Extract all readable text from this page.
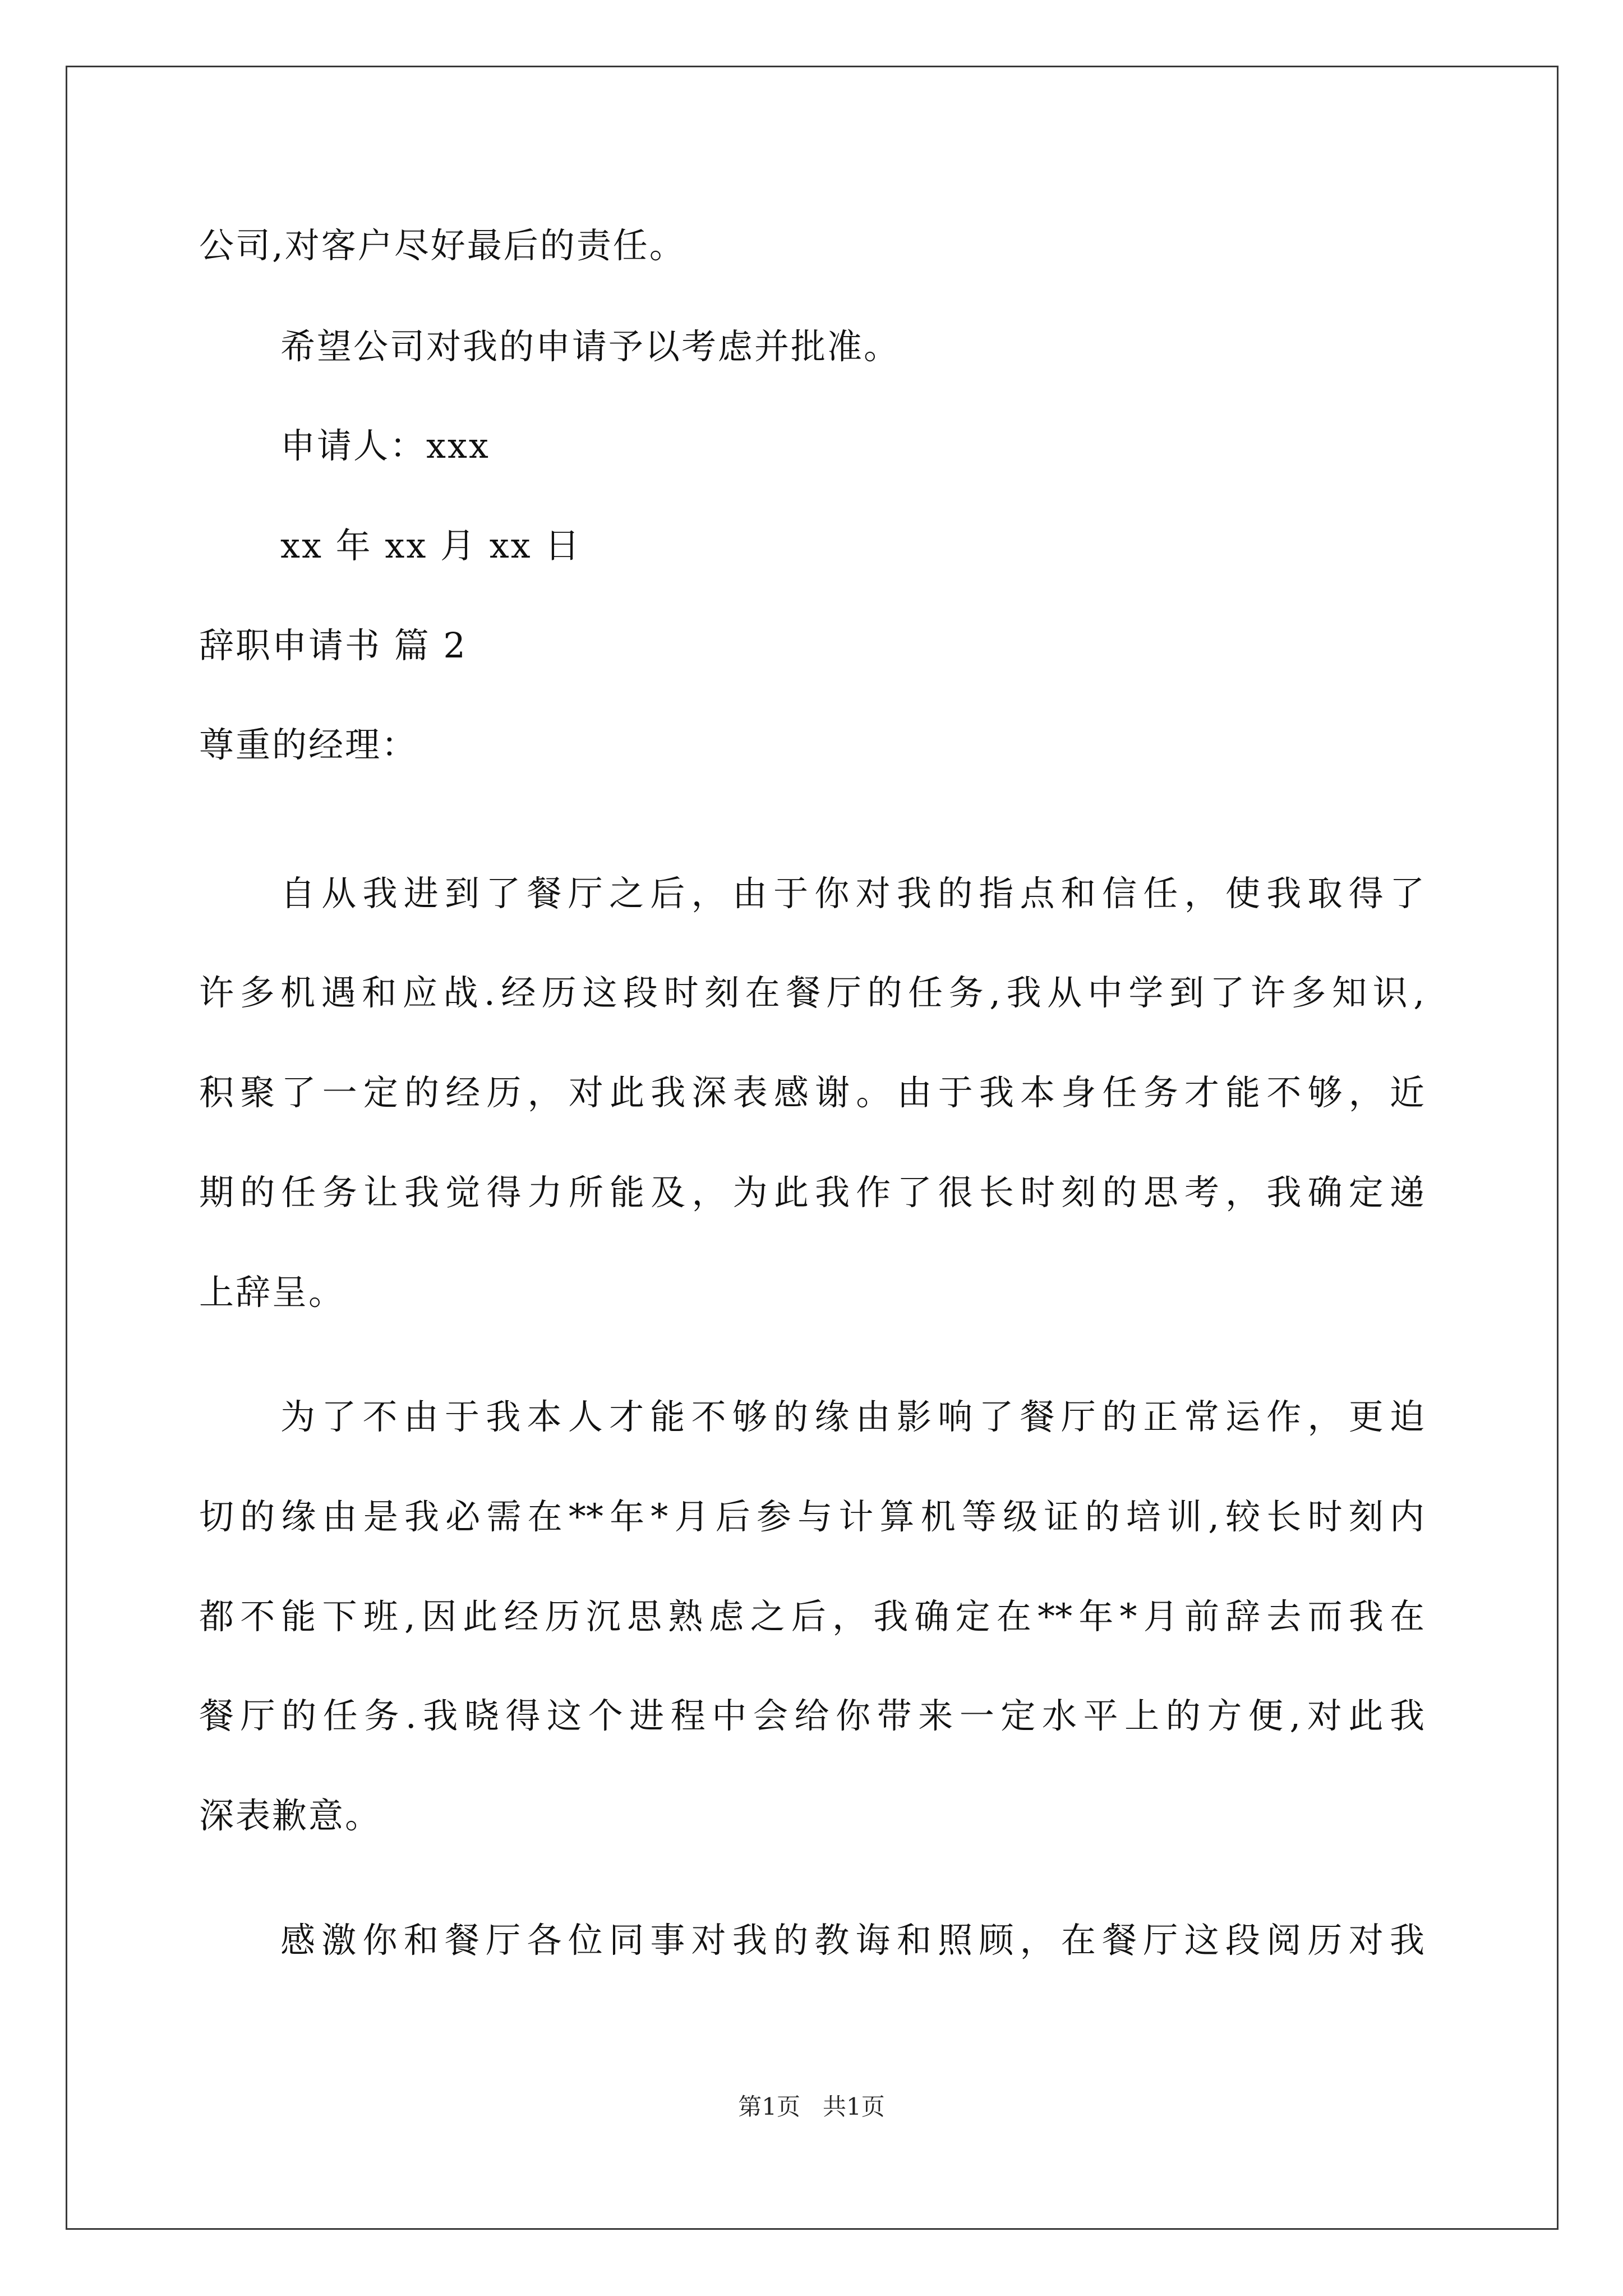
公司,对客户尽好最后的责任。
希望公司对我的申请予以考虑并批准。
申请人：xxx
xx 年 xx 月 xx 日
辞职申请书 篇 2
尊重的经理：
自从我进到了餐厅之后，由于你对我的指点和信任，使我取得了
许多机遇和应战.经历这段时刻在餐厅的任务,我从中学到了许多知识,
积聚了一定的经历，对此我深表感谢。由于我本身任务才能不够，近
期的任务让我觉得力所能及，为此我作了很长时刻的思考，我确定递
上辞呈。
为了不由于我本人才能不够的缘由影响了餐厅的正常运作，更迫
切的缘由是我必需在**年*月后参与计算机等级证的培训,较长时刻内
都不能下班,因此经历沉思熟虑之后，我确定在**年*月前辞去而我在
餐厅的任务.我晓得这个进程中会给你带来一定水平上的方便,对此我
深表歉意。
感激你和餐厅各位同事对我的教诲和照顾，在餐厅这段阅历对我
第1页   共1页
